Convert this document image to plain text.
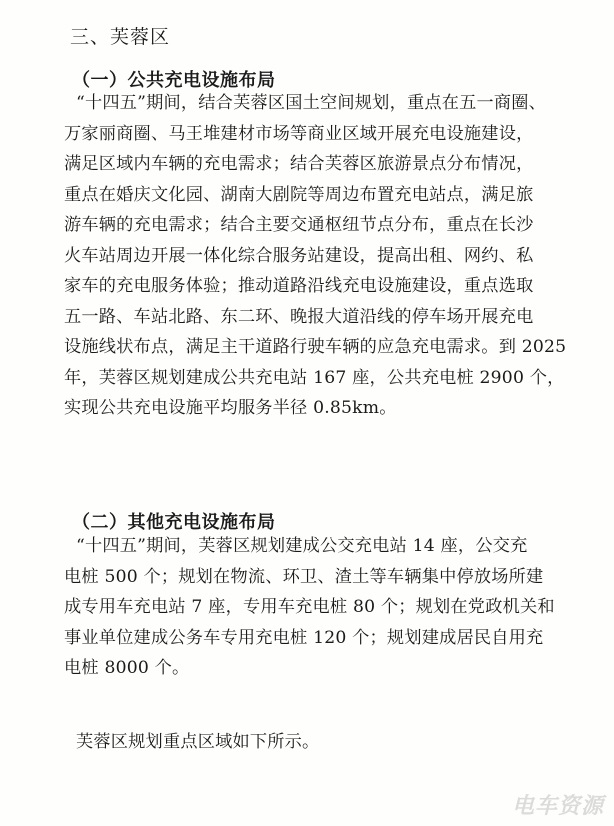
三、芙蓉区
（一）公共充电设施布局
“十四五”期间，结合芙蓉区国土空间规划，重点在五一商圈、
万家丽商圈、马王堆建材市场等商业区域开展充电设施建设，
满足区域内车辆的充电需求；结合芙蓉区旅游景点分布情况，
重点在婚庆文化园、湖南大剧院等周边布置充电站点，满足旅
游车辆的充电需求；结合主要交通枢纽节点分布，重点在长沙
火车站周边开展一体化综合服务站建设，提高出租、网约、私
家车的充电服务体验；推动道路沿线充电设施建设，重点选取
五一路、车站北路、东二环、晚报大道沿线的停车场开展充电
设施线状布点，满足主干道路行驶车辆的应急充电需求。到 2025
年，芙蓉区规划建成公共充电站 167 座，公共充电桩 2900 个，
实现公共充电设施平均服务半径 0.85km。
（二）其他充电设施布局
“十四五”期间，芙蓉区规划建成公交充电站 14 座，公交充
电桩 500 个；规划在物流、环卫、渣土等车辆集中停放场所建
成专用车充电站 7 座，专用车充电桩 80 个；规划在党政机关和
事业单位建成公务车专用充电桩 120 个；规划建成居民自用充
电桩 8000 个。
芙蓉区规划重点区域如下所示。
电车资源
